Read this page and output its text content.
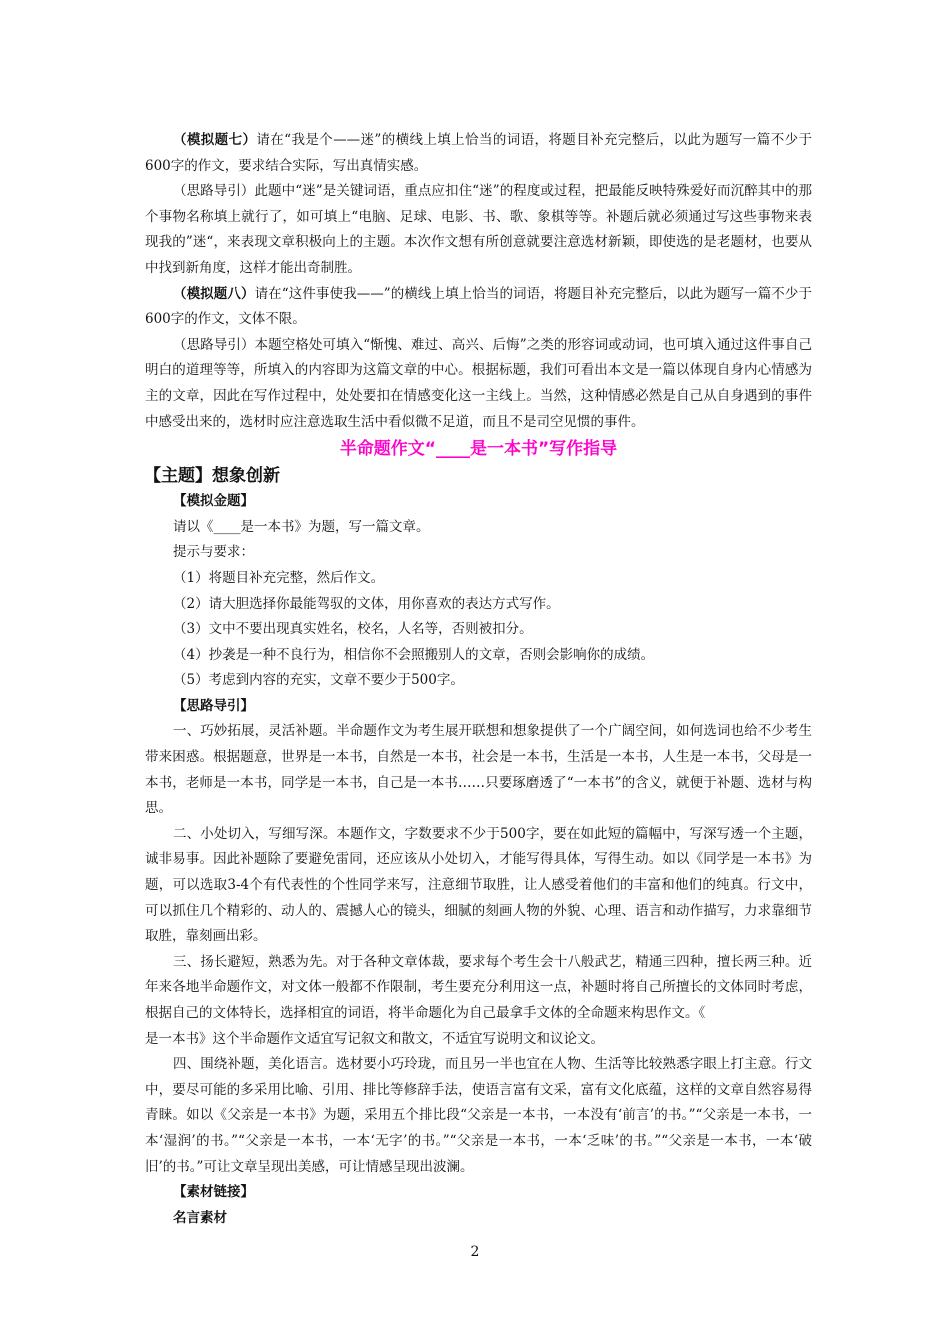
（模拟题七）请在“我是个——迷”的横线上填上恰当的词语，将题目补充完整后，以此为题写一篇不少于600字的作文，要求结合实际，写出真情实感。

（思路导引）此题中“迷”是关键词语，重点应扣住“迷”的程度或过程，把最能反映特殊爱好而沉醉其中的那个事物名称填上就行了，如可填上“电脑、足球、电影、书、歌、象棋等等。补题后就必须通过写这些事物来表现我的”迷“，来表现文章积极向上的主题。本次作文想有所创意就要注意选材新颖，即使选的是老题材，也要从中找到新角度，这样才能出奇制胜。

（模拟题八）请在“这件事使我——”的横线上填上恰当的词语，将题目补充完整后，以此为题写一篇不少于600字的作文，文体不限。

（思路导引）本题空格处可填入“惭愧、难过、高兴、后悔”之类的形容词或动词，也可填入通过这件事自己明白的道理等等，所填入的内容即为这篇文章的中心。根据标题，我们可看出本文是一篇以体现自身内心情感为主的文章，因此在写作过程中，处处要扣在情感变化这一主线上。当然，这种情感必然是自己从自身遇到的事件中感受出来的，选材时应注意选取生活中看似微不足道，而且不是司空见惯的事件。

半命题作文“____是一本书”写作指导
【主题】想象创新
【模拟金题】

请以《____是一本书》为题，写一篇文章。

提示与要求：

（1）将题目补充完整，然后作文。

（2）请大胆选择你最能驾驭的文体，用你喜欢的表达方式写作。

（3）文中不要出现真实姓名，校名，人名等，否则被扣分。

（4）抄袭是一种不良行为，相信你不会照搬别人的文章，否则会影响你的成绩。

（5）考虑到内容的充实，文章不要少于500字。

【思路导引】

一、巧妙拓展，灵活补题。半命题作文为考生展开联想和想象提供了一个广阔空间，如何选词也给不少考生带来困惑。根据题意，世界是一本书，自然是一本书，社会是一本书，生活是一本书，人生是一本书，父母是一本书，老师是一本书，同学是一本书，自己是一本书……只要琢磨透了“一本书”的含义，就便于补题、选材与构思。

二、小处切入，写细写深。本题作文，字数要求不少于500字，要在如此短的篇幅中，写深写透一个主题，诚非易事。因此补题除了要避免雷同，还应该从小处切入，才能写得具体，写得生动。如以《同学是一本书》为题，可以选取3-4个有代表性的个性同学来写，注意细节取胜，让人感受着他们的丰富和他们的纯真。行文中，可以抓住几个精彩的、动人的、震撼人心的镜头，细腻的刻画人物的外貌、心理、语言和动作描写，力求靠细节取胜，靠刻画出彩。

三、扬长避短，熟悉为先。对于各种文章体裁，要求每个考生会十八般武艺，精通三四种，擅长两三种。近年来各地半命题作文，对文体一般都不作限制，考生要充分利用这一点，补题时将自己所擅长的文体同时考虑，根据自己的文体特长，选择相宜的词语，将半命题化为自己最拿手文体的全命题来构思作文。《

是一本书》这个半命题作文适宜写记叙文和散文，不适宜写说明文和议论文。

四、围绕补题，美化语言。选材要小巧玲珑，而且另一半也宜在人物、生活等比较熟悉字眼上打主意。行文中，要尽可能的多采用比喻、引用、排比等修辞手法，使语言富有文采，富有文化底蕴，这样的文章自然容易得青睐。如以《父亲是一本书》为题，采用五个排比段“父亲是一本书，一本没有‘前言’的书。”“父亲是一本书，一本‘湿润’的书。”“父亲是一本书，一本‘无字’的书。”“父亲是一本书，一本‘乏味’的书。”“父亲是一本书，一本‘破旧’的书。”可让文章呈现出美感，可让情感呈现出波澜。

【素材链接】
名言素材
2
